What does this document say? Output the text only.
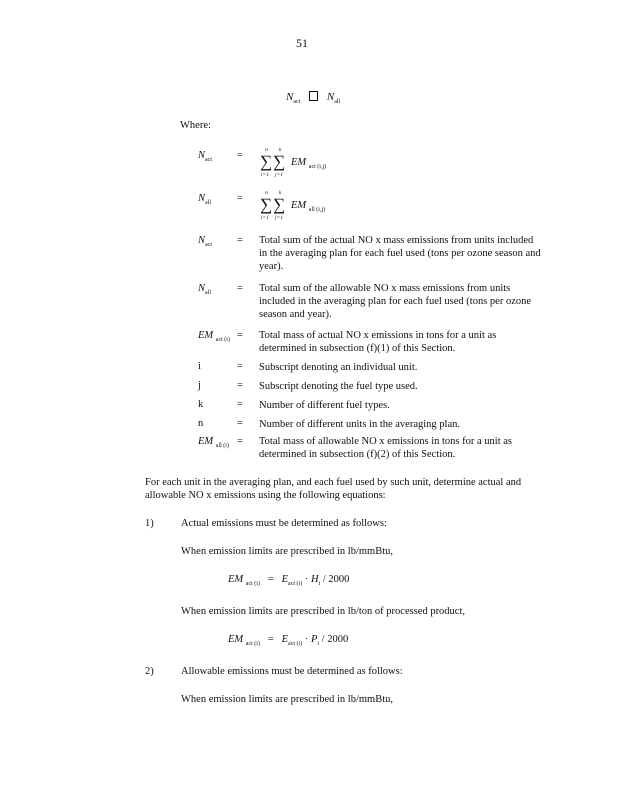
51
$N_{act}$ $N_{all}$
Where:
$N_{act}$ =	n k
∑ ∑
i=1 j=1
EM $_{act (i,j)}$
$N_{all}$ =	n k
∑ ∑
i=1 j=1
EM $_{all (i,j)}$
$N_{act}$ = Total sum of the actual NO x mass emissions from units included in the averaging plan for each fuel used (tons per ozone season and year).
$N_{all}$ = Total sum of the allowable NO x mass emissions from units included in the averaging plan for each fuel used (tons per ozone season and year).
EM $_{act (i)}$ = Total mass of actual NO x emissions in tons for a unit as determined in subsection (f)(1) of this Section.
i	= Subscript denoting an individual unit.
j	= Subscript denoting the fuel type used.
k	= Number of different fuel types.
n	= Number of different units in the averaging plan.
EM $_{all (i)}$ = Total mass of allowable NO x emissions in tons for a unit as determined in subsection (f)(2) of this Section.
For each unit in the averaging plan, and each fuel used by such unit, determine actual and allowable NO x emissions using the following equations:
1)	Actual emissions must be determined as follows:
When emission limits are prescribed in lb/mmBtu,
EM $_{act (i)} = E_{act (i)} \cdot H_i / 2000$
When emission limits are prescribed in lb/ton of processed product,
EM $_{act (i)} = E_{act (i)} \cdot P_i / 2000$
2)	Allowable emissions must be determined as follows:
When emission limits are prescribed in lb/mmBtu,
